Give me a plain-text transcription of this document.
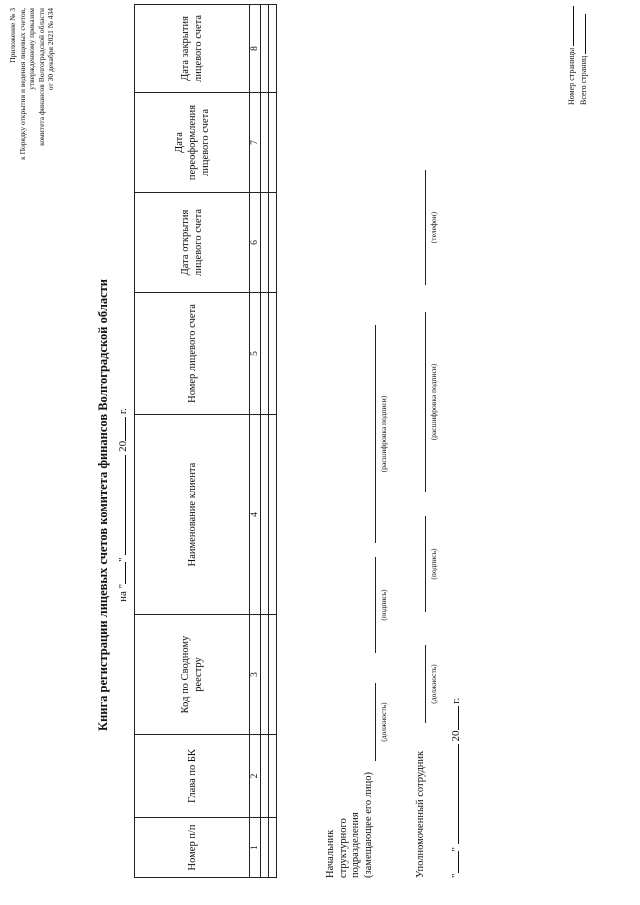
Приложение № 3 к Порядку открытия и ведения лицевых счетов, утвержденному приказом комитета финансов Волгоградской области от 30 декабря 2021 № 434
Книга регистрации лицевых счетов комитета финансов Волгоградской области на ""  20 г.
Номер п/п	Глава по БК	Код по Сводному реестру	Наименование клиента	Номер лицевого счета	Дата открытия лицевого счета	Дата переоформления лицевого счета	Дата закрытия лицевого счета
1	2	3	4	5	6	7	8

Начальник структурного подразделения (замещающее его лицо)
(должность)
(подпись)
(расшифровка подписи)
Уполномоченный сотрудник
(должность)
(подпись)
(расшифровка подписи)
(телефон)
""  20 г.
Номер страницы Всего страниц
